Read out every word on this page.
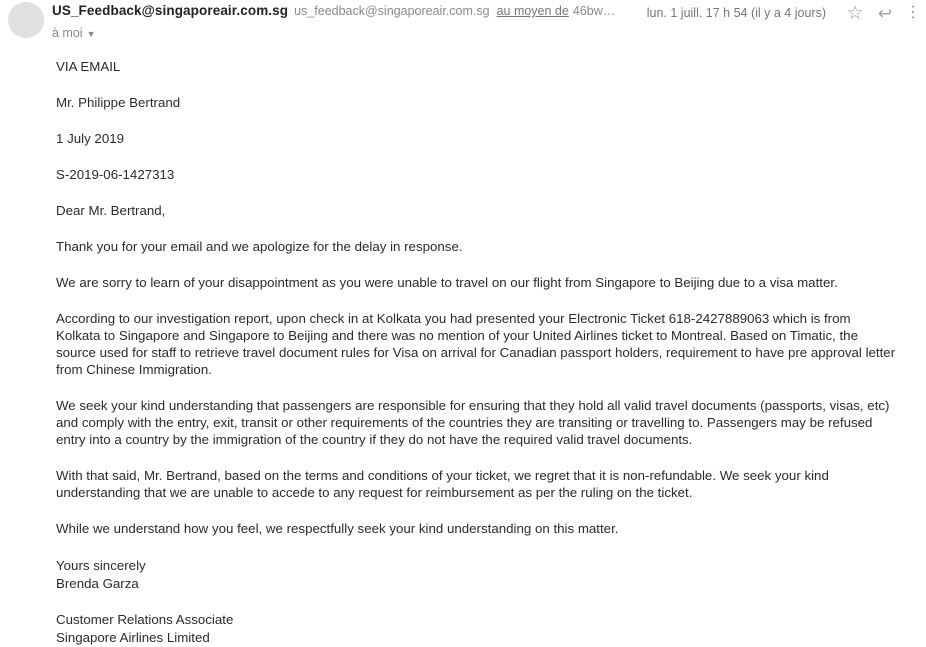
US_Feedback@singaporeair.com.sg us_feedback@singaporeair.com.sg au moyen de 46bw…
à moi ▼
lun. 1 juill. 17 h 54 (il y a 4 jours) ☆ ↩ ⋮

VIA EMAIL

Mr. Philippe Bertrand

1 July 2019

S-2019-06-1427313

Dear Mr. Bertrand,

Thank you for your email and we apologize for the delay in response.

We are sorry to learn of your disappointment as you were unable to travel on our flight from Singapore to Beijing due to a visa matter.

According to our investigation report, upon check in at Kolkata you had presented your Electronic Ticket 618-2427889063 which is from Kolkata to Singapore and Singapore to Beijing and there was no mention of your United Airlines ticket to Montreal. Based on Timatic, the source used for staff to retrieve travel document rules for Visa on arrival for Canadian passport holders, requirement to have pre approval letter from Chinese Immigration.

We seek your kind understanding that passengers are responsible for ensuring that they hold all valid travel documents (passports, visas, etc) and comply with the entry, exit, transit or other requirements of the countries they are transiting or travelling to. Passengers may be refused entry into a country by the immigration of the country if they do not have the required valid travel documents.

With that said, Mr. Bertrand, based on the terms and conditions of your ticket, we regret that it is non-refundable. We seek your kind understanding that we are unable to accede to any request for reimbursement as per the ruling on the ticket.

While we understand how you feel, we respectfully seek your kind understanding on this matter.

Yours sincerely
Brenda Garza
Customer Relations Associate
Singapore Airlines Limited
